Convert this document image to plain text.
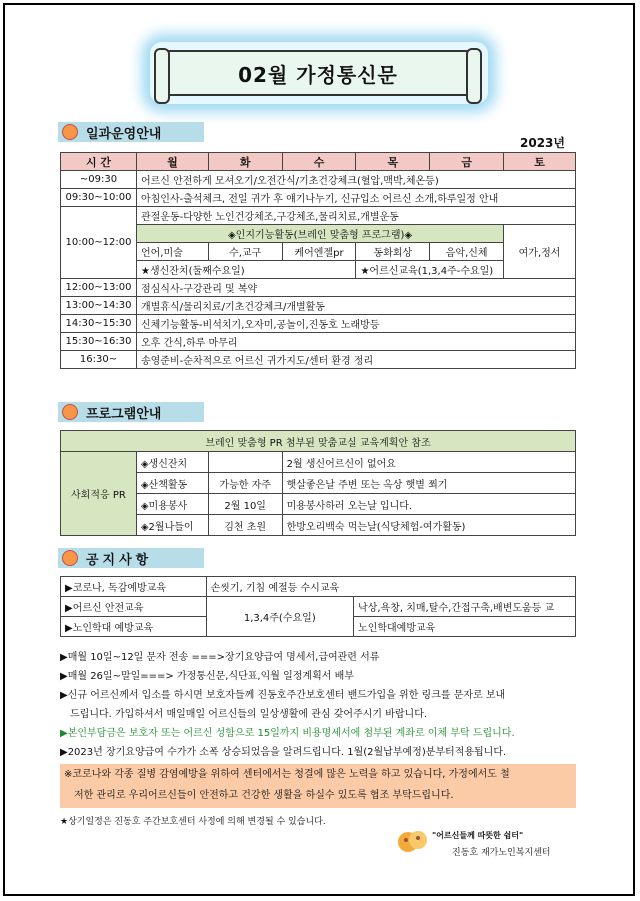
02월 가정통신문
일과운영안내
2023년
시 간	월	화	수	목	금	토
~09:30	어르신 안전하게 모셔오기/오전간식/기초건강체크(혈압,맥박,체온등)					
09:30~10:00	아침인사-출석체크, 전일 귀가 후 얘기나누기, 신규입소 어르신 소개,하루일정 안내					
10:00~12:00	관절운동-다양한 노인건강체조,구강체조,물리치료,개별운동					
	◈인지기능활동(브레인 맞춤형 프로그램)◈					여가,정서
	언어,미술	수,교구	케어엔젤pr	동화회상	음악,신체	
	★생신잔치(둘째수요일)			★어르신교육(1,3,4주-수요일)		
12:00~13:00	점심식사-구강관리 및 복약					
13:00~14:30	개별휴식/물리치료/기초건강체크/개별활동					
14:30~15:30	신체기능활동-비석치기,오자미,공놀이,진동호 노래방등					
15:30~16:30	오후 간식,하루 마무리					
16:30~	송영준비-순차적으로 어르신 귀가지도/센터 환경 정리					
프로그램안내
브레인 맞춤형 PR 첨부된 맞춤교실 교육계획안 참조			
사회적응 PR	◈생신잔치		2월 생신어르신이 없어요
	◈산책활동	가능한 자주	햇살좋은날 주변 또는 옥상 햇볕 쬐기
	◈미용봉사	2월 10일	미용봉사하러 오는날 입니다.
	◈2월나들이	김천 초원	한방오리백숙 먹는날(식당체험-여가활동)
공지사항
▶코로나, 독감예방교육	손씻기, 기침 예절등 수시교육	
▶어르신 안전교육	1,3,4주(수요일)	낙상,욕창, 치매,탈수,간접구축,배변도움등 교
▶노인학대 예방교육		노인학대예방교육
▶매월 10일~12일 문자 전송 ===>장기요양급여 명세서,급여관련 서류
▶매월 26일~말일===> 가정통신문,식단표,익월 일정계획서 배부
▶신규 어르신께서 입소를 하시면 보호자들께 진동호주간보호센터 밴드가입을 위한 링크를 문자로 보내
드립니다. 가입하셔서 매일매일 어르신들의 일상생활에 관심 갖어주시기 바랍니다.
▶본인부담금은 보호자 또는 어르신 성함으로 15일까지 비용명세서에 첨부된 계좌로 이체 부탁 드립니다.
▶2023년 장기요양급여 수가가 소폭 상승되었음을 알려드립니다. 1월(2월납부예정)분부터적용됩니다.
※코로나와 각종 질병 감염예방을 위하여 센터에서는 청결에 많은 노력을 하고 있습니다, 가정에서도 철
저한 관리로 우리어르신들이 안전하고 건강한 생활을 하실수 있도록 협조 부탁드립니다.
★상기일정은 진동호 주간보호센터 사정에 의해 변경될 수 있습니다.
"어르신들께 따뜻한 쉼터"
진동호 재가노인복지센터
